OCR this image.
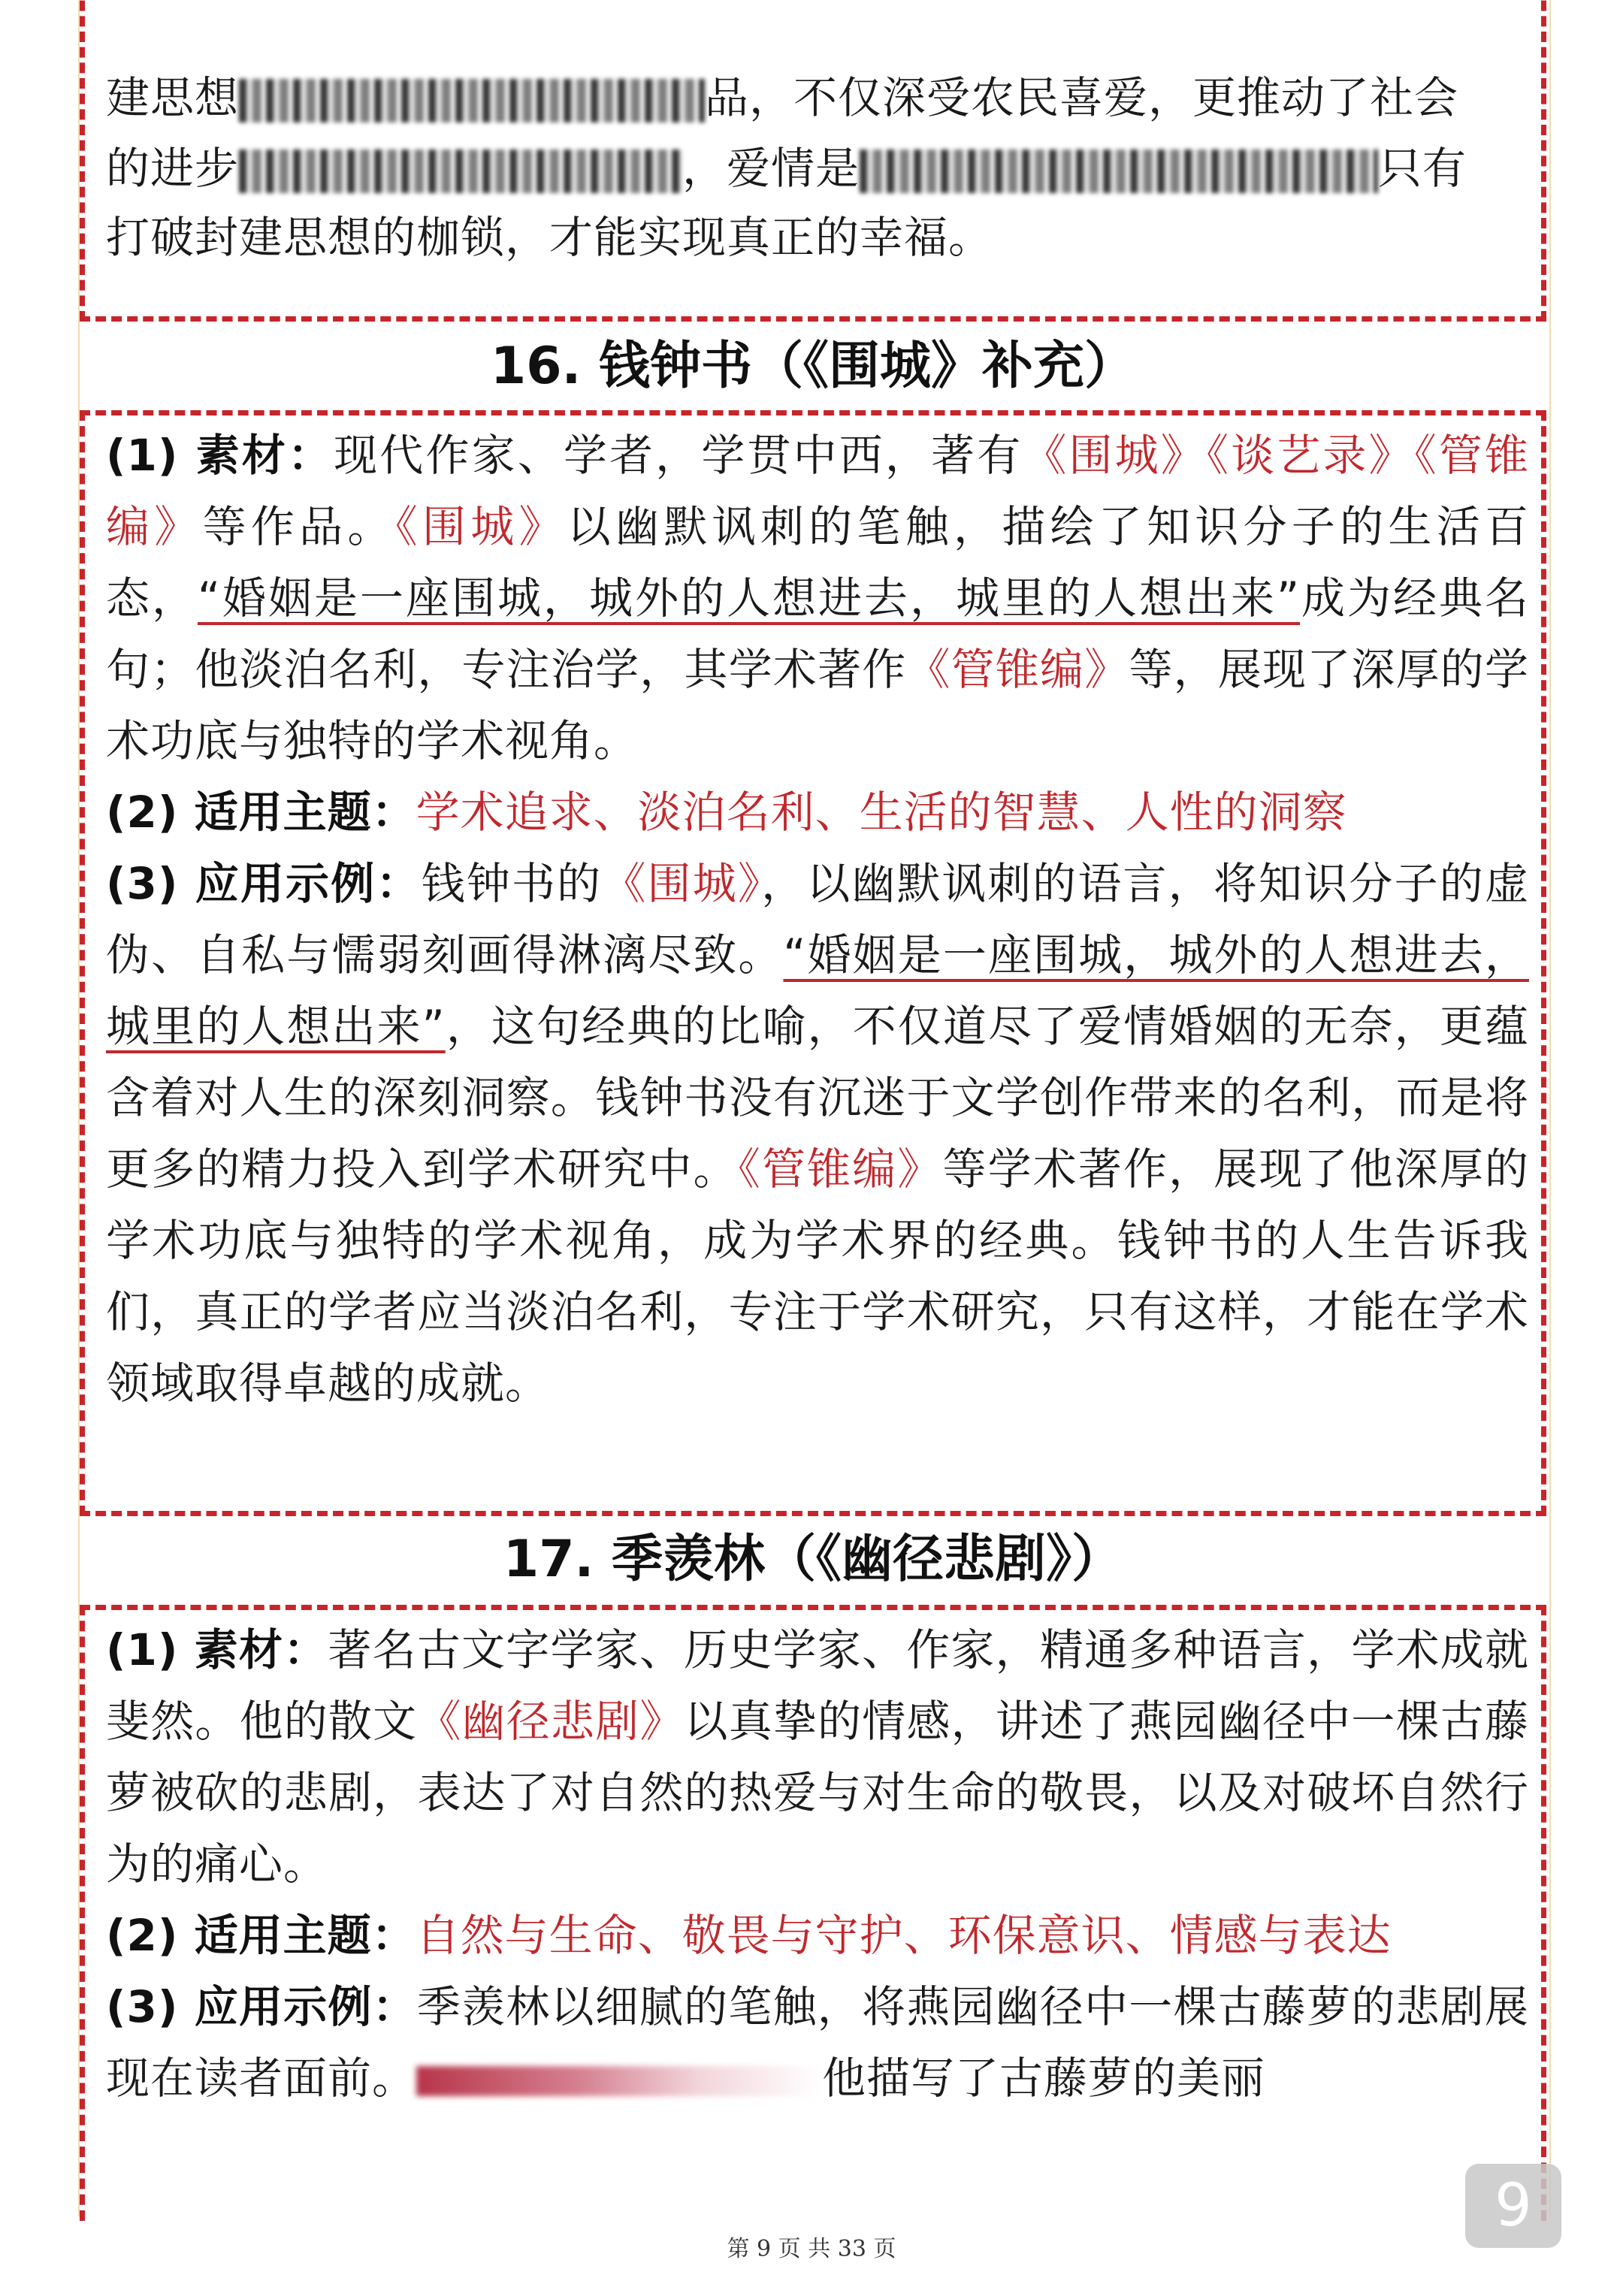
建思想	品，不仅深受农民喜爱，更推动了社会

的进步	，爱情是	只有

打破封建思想的枷锁，才能实现真正的幸福。

16. 钱钟书（《围城》补充）

(1) 素材：现代作家、学者，学贯中西，著有《围城》《谈艺录》《管锥编》等作品。《围城》以幽默讽刺的笔触，描绘了知识分子的生活百态，“婚姻是一座围城，城外的人想进去，城里的人想出来”成为经典名句；他淡泊名利，专注治学，其学术著作《管锥编》等，展现了深厚的学术功底与独特的学术视角。

(2) 适用主题：学术追求、淡泊名利、生活的智慧、人性的洞察

(3) 应用示例：钱钟书的《围城》，以幽默讽刺的语言，将知识分子的虚伪、自私与懦弱刻画得淋漓尽致。“婚姻是一座围城，城外的人想进去，城里的人想出来”，这句经典的比喻，不仅道尽了爱情婚姻的无奈，更蕴含着对人生的深刻洞察。钱钟书没有沉迷于文学创作带来的名利，而是将更多的精力投入到学术研究中。《管锥编》等学术著作，展现了他深厚的学术功底与独特的学术视角，成为学术界的经典。钱钟书的人生告诉我们，真正的学者应当淡泊名利，专注于学术研究，只有这样，才能在学术领域取得卓越的成就。

17. 季羡林（《幽径悲剧》）

(1) 素材：著名古文字学家、历史学家、作家，精通多种语言，学术成就斐然。他的散文《幽径悲剧》以真挚的情感，讲述了燕园幽径中一棵古藤萝被砍的悲剧，表达了对自然的热爱与对生命的敬畏，以及对破坏自然行为的痛心。

(2) 适用主题：自然与生命、敬畏与守护、环保意识、情感与表达

(3) 应用示例：季羡林以细腻的笔触，将燕园幽径中一棵古藤萝的悲剧展现在读者面前。	他描写了古藤萝的美丽

第 9 页 共 33 页
9
